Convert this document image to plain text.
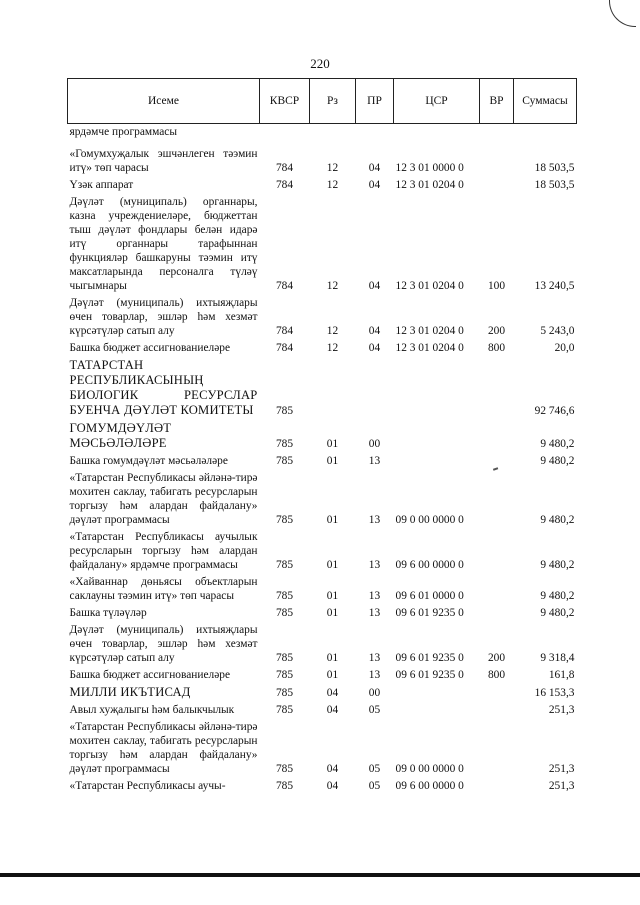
220
Исеме	КВСР	Рз	ПР	ЦСР	ВР	Суммасы
ярдәмче программасы						
«Гомумхуҗалык эшчәнлеген тәэмин итү» төп чарасы	784	12	04	12 3 01 0000 0		18 503,5
Үзәк аппарат	784	12	04	12 3 01 0204 0		18 503,5
Дәүләт (муниципаль) органнары, казна учреждениеләре, бюджеттан тыш дәүләт фондлары белән идарә итү органнары тарафыннан функцияләр башкаруны тәэмин итү максатларында персоналга түләү чыгымнары	784	12	04	12 3 01 0204 0	100	13 240,5
Дәүләт (муниципаль) ихтыяҗлары өчен товарлар, эшләр һәм хезмәт күрсәтүләр сатып алу	784	12	04	12 3 01 0204 0	200	5 243,0
Башка бюджет ассигнованиеләре	784	12	04	12 3 01 0204 0	800	20,0
ТАТАРСТАН РЕСПУБЛИКАСЫНЫҢ БИОЛОГИК РЕСУРСЛАР БУЕНЧА ДӘҮЛӘТ КОМИТЕТЫ	785					92 746,6
ГОМУМДӘҮЛӘТ МӘСЬӘЛӘЛӘРЕ	785	01	00			9 480,2
Башка гомумдәүләт мәсьәләләре	785	01	13			9 480,2
«Татарстан Республикасы әйләнә-тирә мохитен саклау, табигать ресурсларын торгызу һәм алардан файдалану» дәүләт программасы	785	01	13	09 0 00 0000 0		9 480,2
«Татарстан Республикасы аучылык ресурсларын торгызу һәм алардан файдалану» ярдәмче программасы	785	01	13	09 6 00 0000 0		9 480,2
«Хайваннар дөньясы объектларын саклауны тәэмин итү» төп чарасы	785	01	13	09 6 01 0000 0		9 480,2
Башка түләүләр	785	01	13	09 6 01 9235 0		9 480,2
Дәүләт (муниципаль) ихтыяҗлары өчен товарлар, эшләр һәм хезмәт күрсәтүләр сатып алу	785	01	13	09 6 01 9235 0	200	9 318,4
Башка бюджет ассигнованиеләре	785	01	13	09 6 01 9235 0	800	161,8
МИЛЛИ ИКЪТИСАД	785	04	00			16 153,3
Авыл хуҗалыгы һәм балыкчылык	785	04	05			251,3
«Татарстан Республикасы әйләнә-тирә мохитен саклау, табигать ресурсларын торгызу һәм алардан файдалану» дәүләт программасы	785	04	05	09 0 00 0000 0		251,3
«Татарстан Республикасы аучы-	785	04	05	09 6 00 0000 0		251,3
